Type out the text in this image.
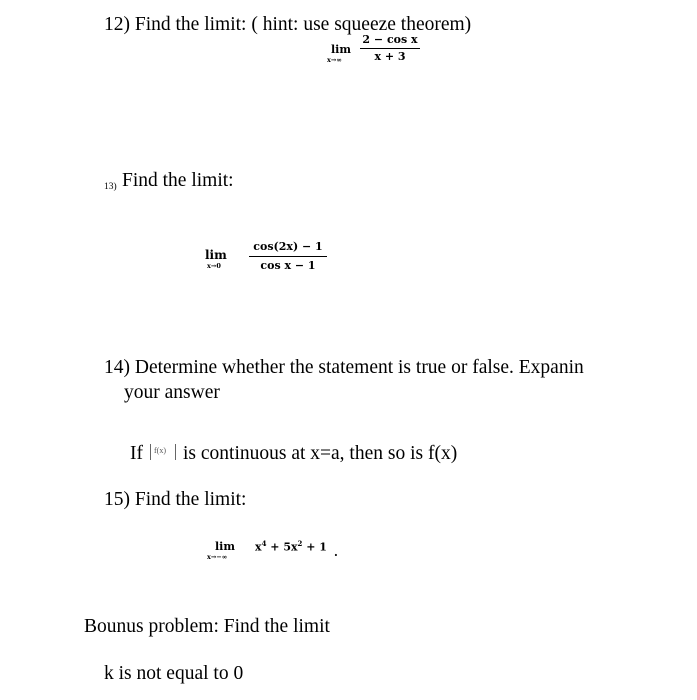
12) Find the limit: ( hint: use squeeze theorem)
lim
x→∞
2 − cos x
x + 3
13) Find the limit:
lim
x→0
cos(2x) − 1
cos x − 1
14) Determine whether the statement is true or false. Expanin
your answer
If f(x) is continuous at x=a, then so is f(x)
15) Find the limit:
lim
x→−∞
$x^4 + 5x^2 + 1$ .
Bounus problem: Find the limit
k is not equal to 0
